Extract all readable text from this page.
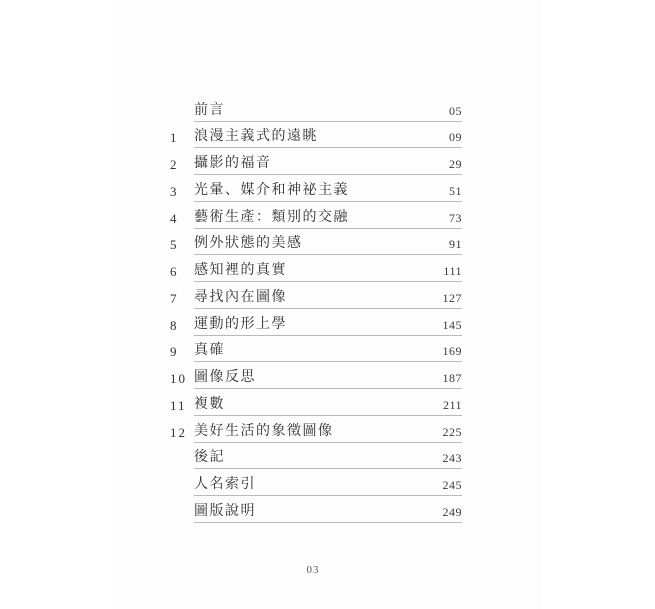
前言	05
1	浪漫主義式的遠眺	09
2	攝影的福音	29
3	光暈、媒介和神祕主義	51
4	藝術生產：類別的交融	73
5	例外狀態的美感	91
6	感知裡的真實	111
7	尋找內在圖像	127
8	運動的形上學	145
9	真確	169
10 圖像反思	187
11 複數	211
12 美好生活的象徵圖像	225
後記	243
人名索引	245
圖版說明	249
03
